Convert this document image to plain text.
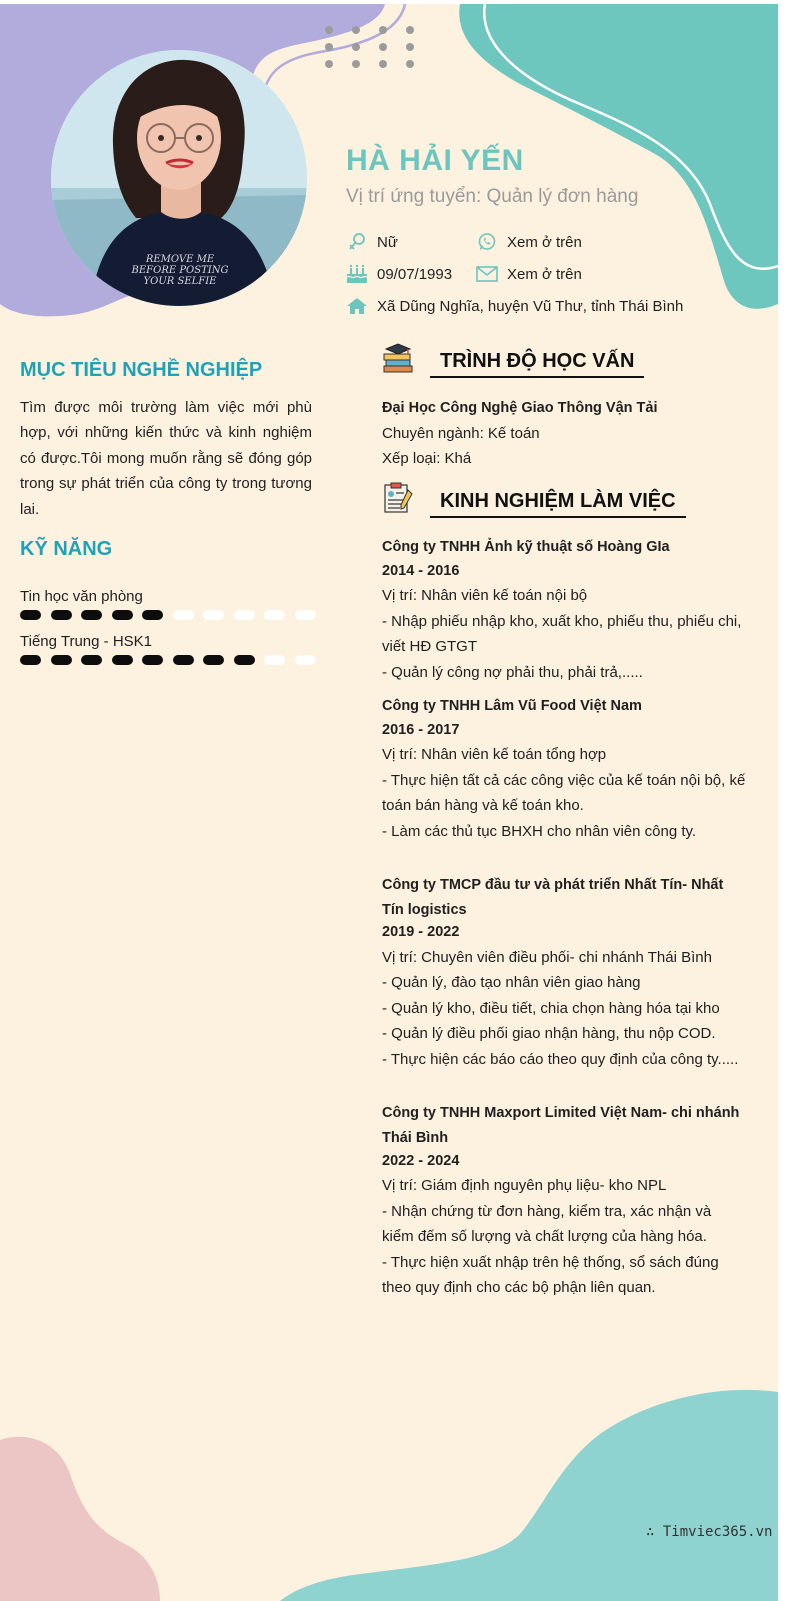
REMOVE ME
BEFORE POSTING
YOUR SELFIE
HÀ HẢI YẾN
Vị trí ứng tuyển: Quản lý đơn hàng
Nữ	Xem ở trên
09/07/1993	Xem ở trên
Xã Dũng Nghĩa, huyện Vũ Thư, tỉnh Thái Bình
MỤC TIÊU NGHỀ NGHIỆP
Tìm được môi trường làm việc mới phù hợp, với những kiến thức và kinh nghiệm có được.Tôi mong muốn rằng sẽ đóng góp trong sự phát triển của công ty trong tương lai.
KỸ NĂNG
Tin học văn phòng
Tiếng Trung - HSK1
TRÌNH ĐỘ HỌC VẤN
Đại Học Công Nghệ Giao Thông Vận Tải
Chuyên ngành: Kế toán
Xếp loại: Khá
KINH NGHIỆM LÀM VIỆC
Công ty TNHH Ảnh kỹ thuật số Hoàng GIa
2014 - 2016
Vị trí: Nhân viên kế toán nội bộ
- Nhập phiếu nhập kho, xuất kho, phiếu thu, phiếu chi, viết HĐ GTGT
- Quản lý công nợ phải thu, phải trả,.....
Công ty TNHH Lâm Vũ Food Việt Nam
2016 - 2017
Vị trí: Nhân viên kế toán tổng hợp
- Thực hiện tất cả các công việc của kế toán nội bộ, kế toán bán hàng và kế toán kho.
- Làm các thủ tục BHXH cho nhân viên công ty.
Công ty TMCP đầu tư và phát triển Nhất Tín- Nhất Tín logistics
2019 - 2022
Vị trí: Chuyên viên điều phối- chi nhánh Thái Bình
- Quản lý, đào tạo nhân viên giao hàng
- Quản lý kho, điều tiết, chia chọn hàng hóa tại kho
- Quản lý điều phối giao nhận hàng, thu nộp COD.
- Thực hiện các báo cáo theo quy định của công ty.....
Công ty TNHH Maxport Limited Việt Nam- chi nhánh Thái Bình
2022 - 2024
Vị trí: Giám định nguyên phụ liệu- kho NPL
- Nhận chứng từ đơn hàng, kiểm tra, xác nhận và kiểm đếm số lượng và chất lượng của hàng hóa.
- Thực hiện xuất nhập trên hệ thống, sổ sách đúng theo quy định cho các bộ phận liên quan.
∴ Timviec365.vn
